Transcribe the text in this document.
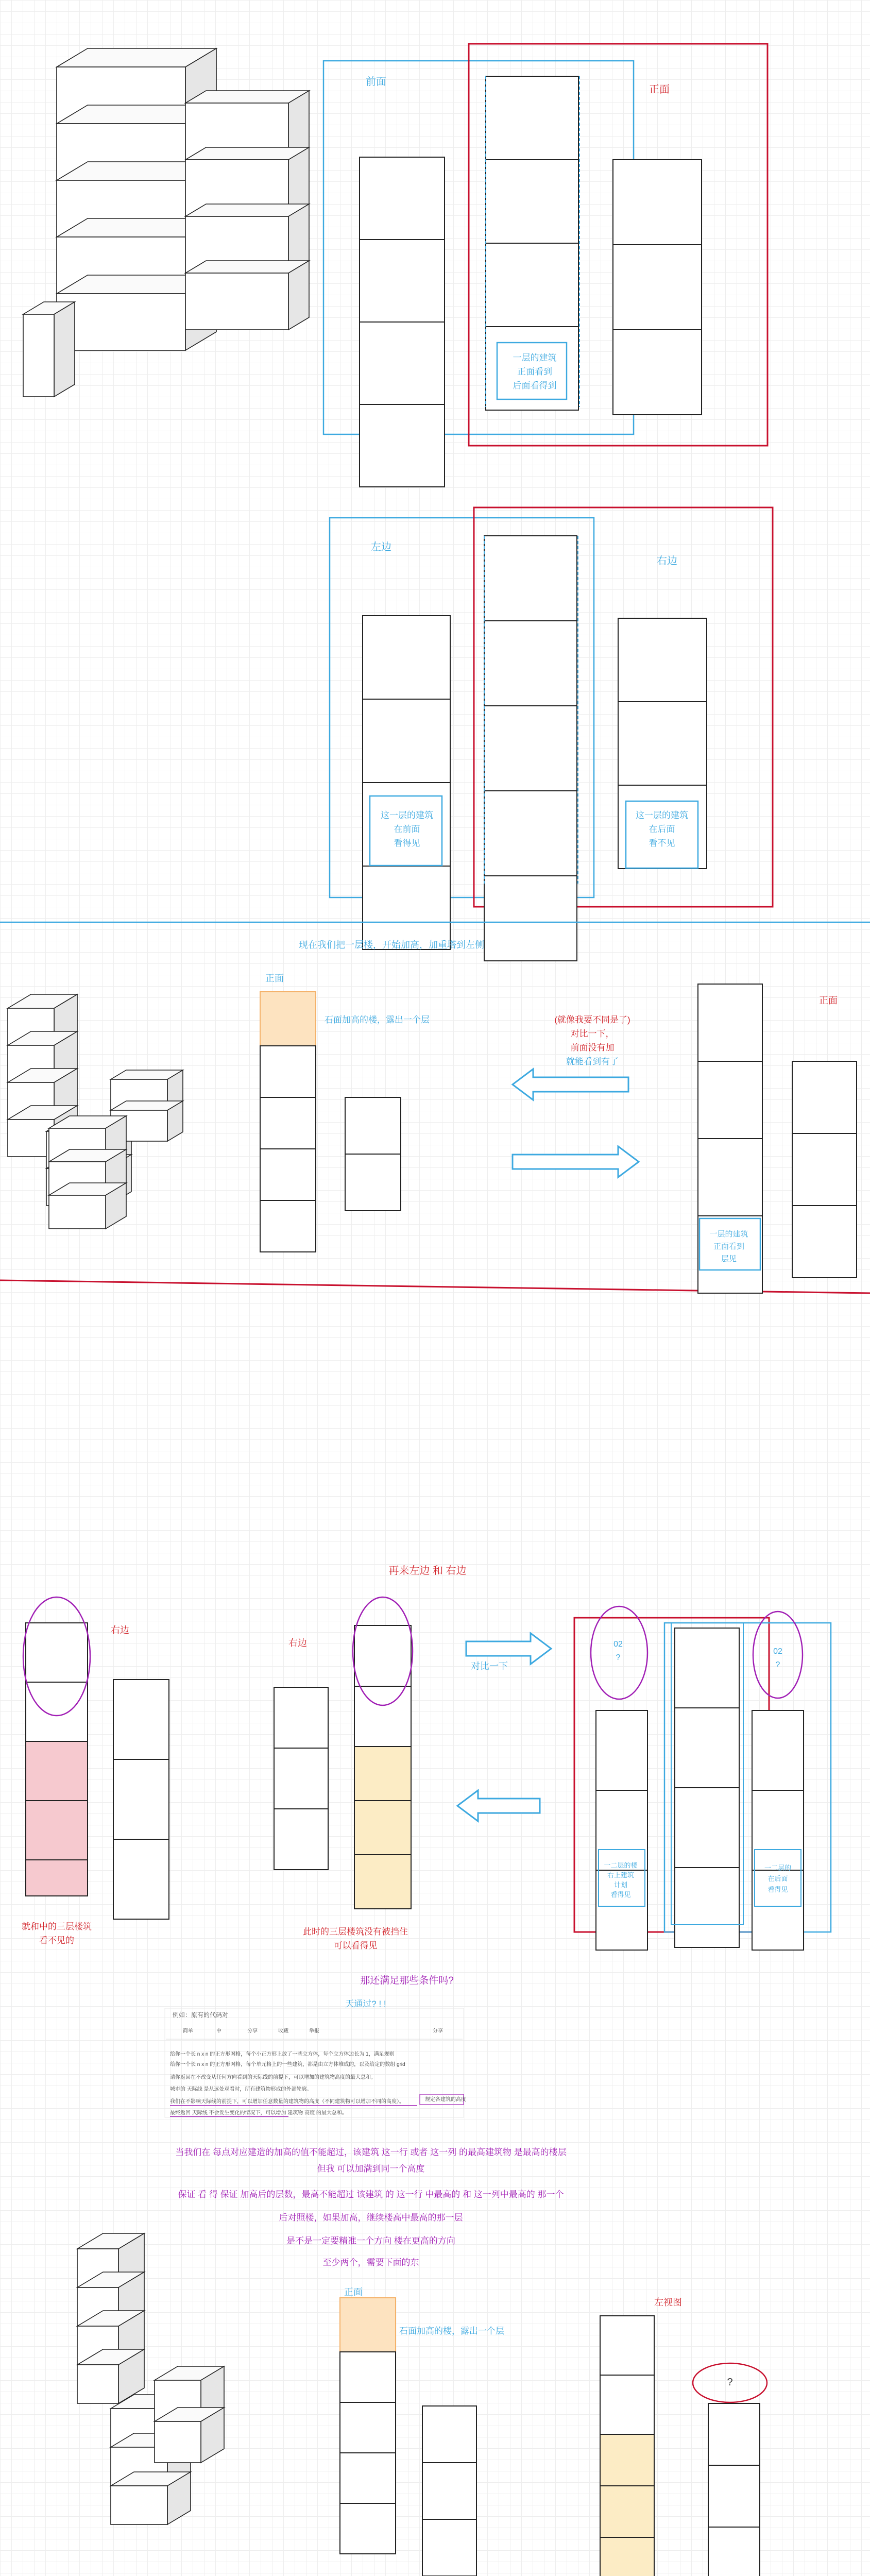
前面
正面
一层的建筑
正面看到
后面看得到
左边
右边
这一层的建筑
在前面
看得见
这一层的建筑
在后面
看不见
现在我们把一层楼，开始加高，加重塔到左侧
正面
石面加高的楼，露出一个层	(就像我要不同是了)
对比一下，
前面没有加
就能看到有了
正面
一层的建筑
正面看到
层见
再来左边 和 右边
右边
右边
对比一下
就和中的三层楼筑
看不见的
此时的三层楼筑没有被挡住
可以看得见
02
?
02
?
一二层的楼
右上建筑
计划
看得见
一二层的
在后面
看得见
那还满足那些条件吗?
天通过? ! !
例如：原有的代码对
简单	中	分享	收藏	举报	分享
给你一个长 n x n 的正方形网格，每个小正方形上放了一些立方体，每个立方体边长为 1，满足规则
给你一个长 n x n 的正方形网格，每个单元格上的一些建筑，都是由立方体堆成的，以及给定的数组 grid
请你返回在不改变从任何方向看到的天际线的前提下，可以增加的建筑物高度的最大总和。
城市的 天际线 是从远处观看时，所有建筑物形成的外部轮廓。
我们在不影响天际线的前提下，可以增加任意数量的建筑物的高度（不同建筑物可以增加不同的高度）。
最终返回 天际线 不会发生变化的情况下，可以增加 建筑物 高度 的最大总和。
规定各建筑的高度
当我们在 每点对应建造的加高的值不能超过，该建筑 这一行 或者 这一列 的最高建筑物 是最高的楼层
但我 可以加满到同一个高度
保证 看 得 保证 加高后的层数，最高不能超过 该建筑 的 这一行 中最高的 和 这一列中最高的 那一个
后对照楼，如果加高，继续楼高中最高的那一层
是不是一定要精准一个方向 楼在更高的方向
至少两个，需要下面的东
正面
石面加高的楼，露出一个层
左视图
?
